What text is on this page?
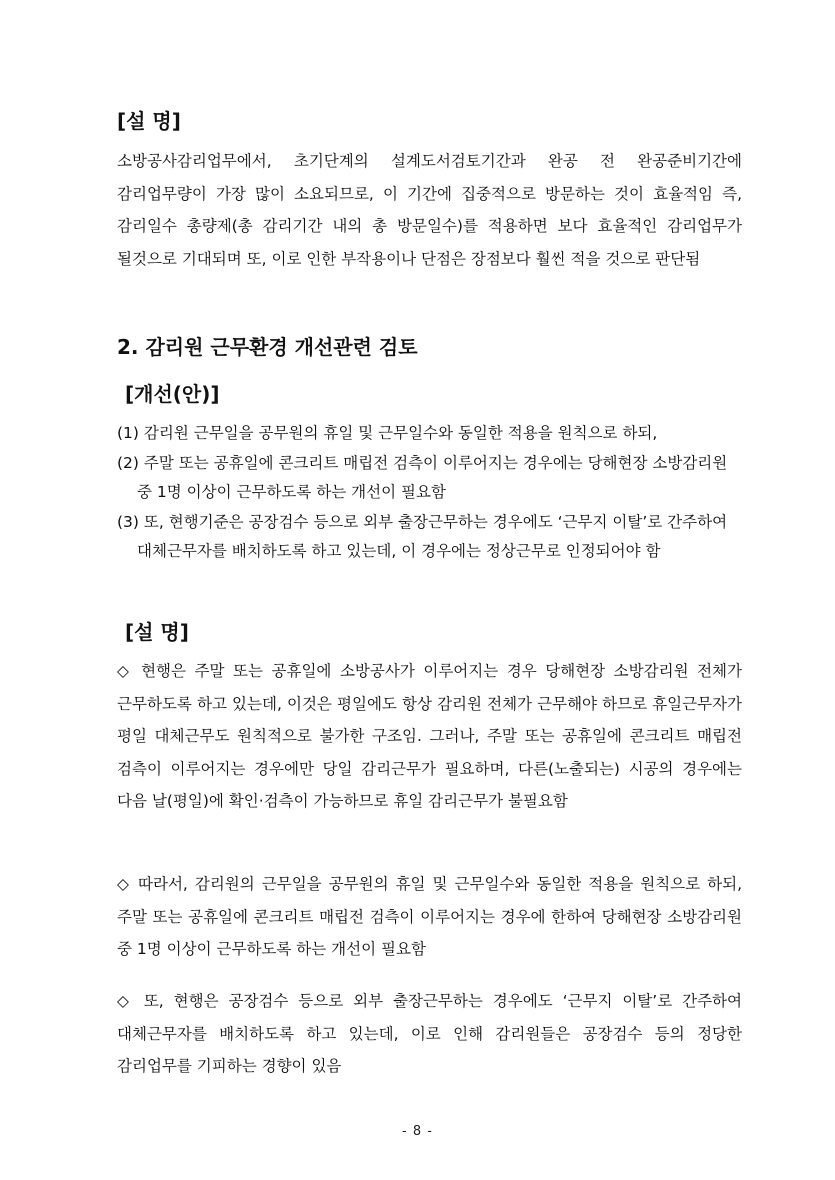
[설 명]
소방공사감리업무에서, 초기단계의 설계도서검토기간과 완공 전 완공준비기간에 감리업무량이 가장 많이 소요되므로, 이 기간에 집중적으로 방문하는 것이 효율적임 즉, 감리일수 총량제(총 감리기간 내의 총 방문일수)를 적용하면 보다 효율적인 감리업무가 될것으로 기대되며 또, 이로 인한 부작용이나 단점은 장점보다 훨씬 적을 것으로 판단됨
2. 감리원 근무환경 개선관련 검토
[개선(안)]
(1) 감리원 근무일을 공무원의 휴일 및 근무일수와 동일한 적용을 원칙으로 하되,
(2) 주말 또는 공휴일에 콘크리트 매립전 검측이 이루어지는 경우에는 당해현장 소방감리원 중 1명 이상이 근무하도록 하는 개선이 필요함
(3) 또, 현행기준은 공장검수 등으로 외부 출장근무하는 경우에도 ‘근무지 이탈’로 간주하여 대체근무자를 배치하도록 하고 있는데, 이 경우에는 정상근무로 인정되어야 함
[설 명]
◇ 현행은 주말 또는 공휴일에 소방공사가 이루어지는 경우 당해현장 소방감리원 전체가 근무하도록 하고 있는데, 이것은 평일에도 항상 감리원 전체가 근무해야 하므로 휴일근무자가 평일 대체근무도 원칙적으로 불가한 구조임. 그러나, 주말 또는 공휴일에 콘크리트 매립전 검측이 이루어지는 경우에만 당일 감리근무가 필요하며, 다른(노출되는) 시공의 경우에는 다음 날(평일)에 확인·검측이 가능하므로 휴일 감리근무가 불필요함
◇ 따라서, 감리원의 근무일을 공무원의 휴일 및 근무일수와 동일한 적용을 원칙으로 하되, 주말 또는 공휴일에 콘크리트 매립전 검측이 이루어지는 경우에 한하여 당해현장 소방감리원 중 1명 이상이 근무하도록 하는 개선이 필요함
◇ 또, 현행은 공장검수 등으로 외부 출장근무하는 경우에도 ‘근무지 이탈’로 간주하여 대체근무자를 배치하도록 하고 있는데, 이로 인해 감리원들은 공장검수 등의 정당한 감리업무를 기피하는 경향이 있음
- 8 -
